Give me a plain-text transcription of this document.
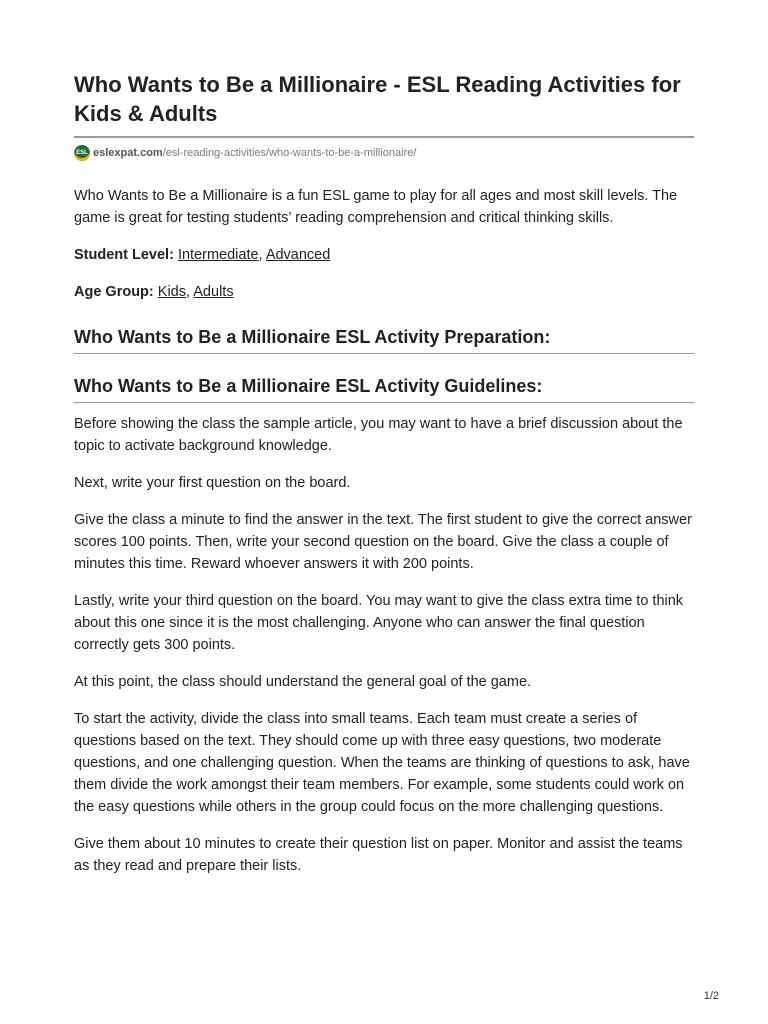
Who Wants to Be a Millionaire - ESL Reading Activities for Kids & Adults
ESL eslexpat.com/esl-reading-activities/who-wants-to-be-a-millionaire/

Who Wants to Be a Millionaire is a fun ESL game to play for all ages and most skill levels. The game is great for testing students’ reading comprehension and critical thinking skills.

Student Level: Intermediate, Advanced

Age Group: Kids, Adults

Who Wants to Be a Millionaire ESL Activity Preparation:
Who Wants to Be a Millionaire ESL Activity Guidelines:

Before showing the class the sample article, you may want to have a brief discussion about the topic to activate background knowledge.

Next, write your first question on the board.

Give the class a minute to find the answer in the text. The first student to give the correct answer scores 100 points. Then, write your second question on the board. Give the class a couple of minutes this time. Reward whoever answers it with 200 points.

Lastly, write your third question on the board. You may want to give the class extra time to think about this one since it is the most challenging. Anyone who can answer the final question correctly gets 300 points.

At this point, the class should understand the general goal of the game.

To start the activity, divide the class into small teams. Each team must create a series of questions based on the text. They should come up with three easy questions, two moderate questions, and one challenging question. When the teams are thinking of questions to ask, have them divide the work amongst their team members. For example, some students could work on the easy questions while others in the group could focus on the more challenging questions.

Give them about 10 minutes to create their question list on paper. Monitor and assist the teams as they read and prepare their lists.

1/2
